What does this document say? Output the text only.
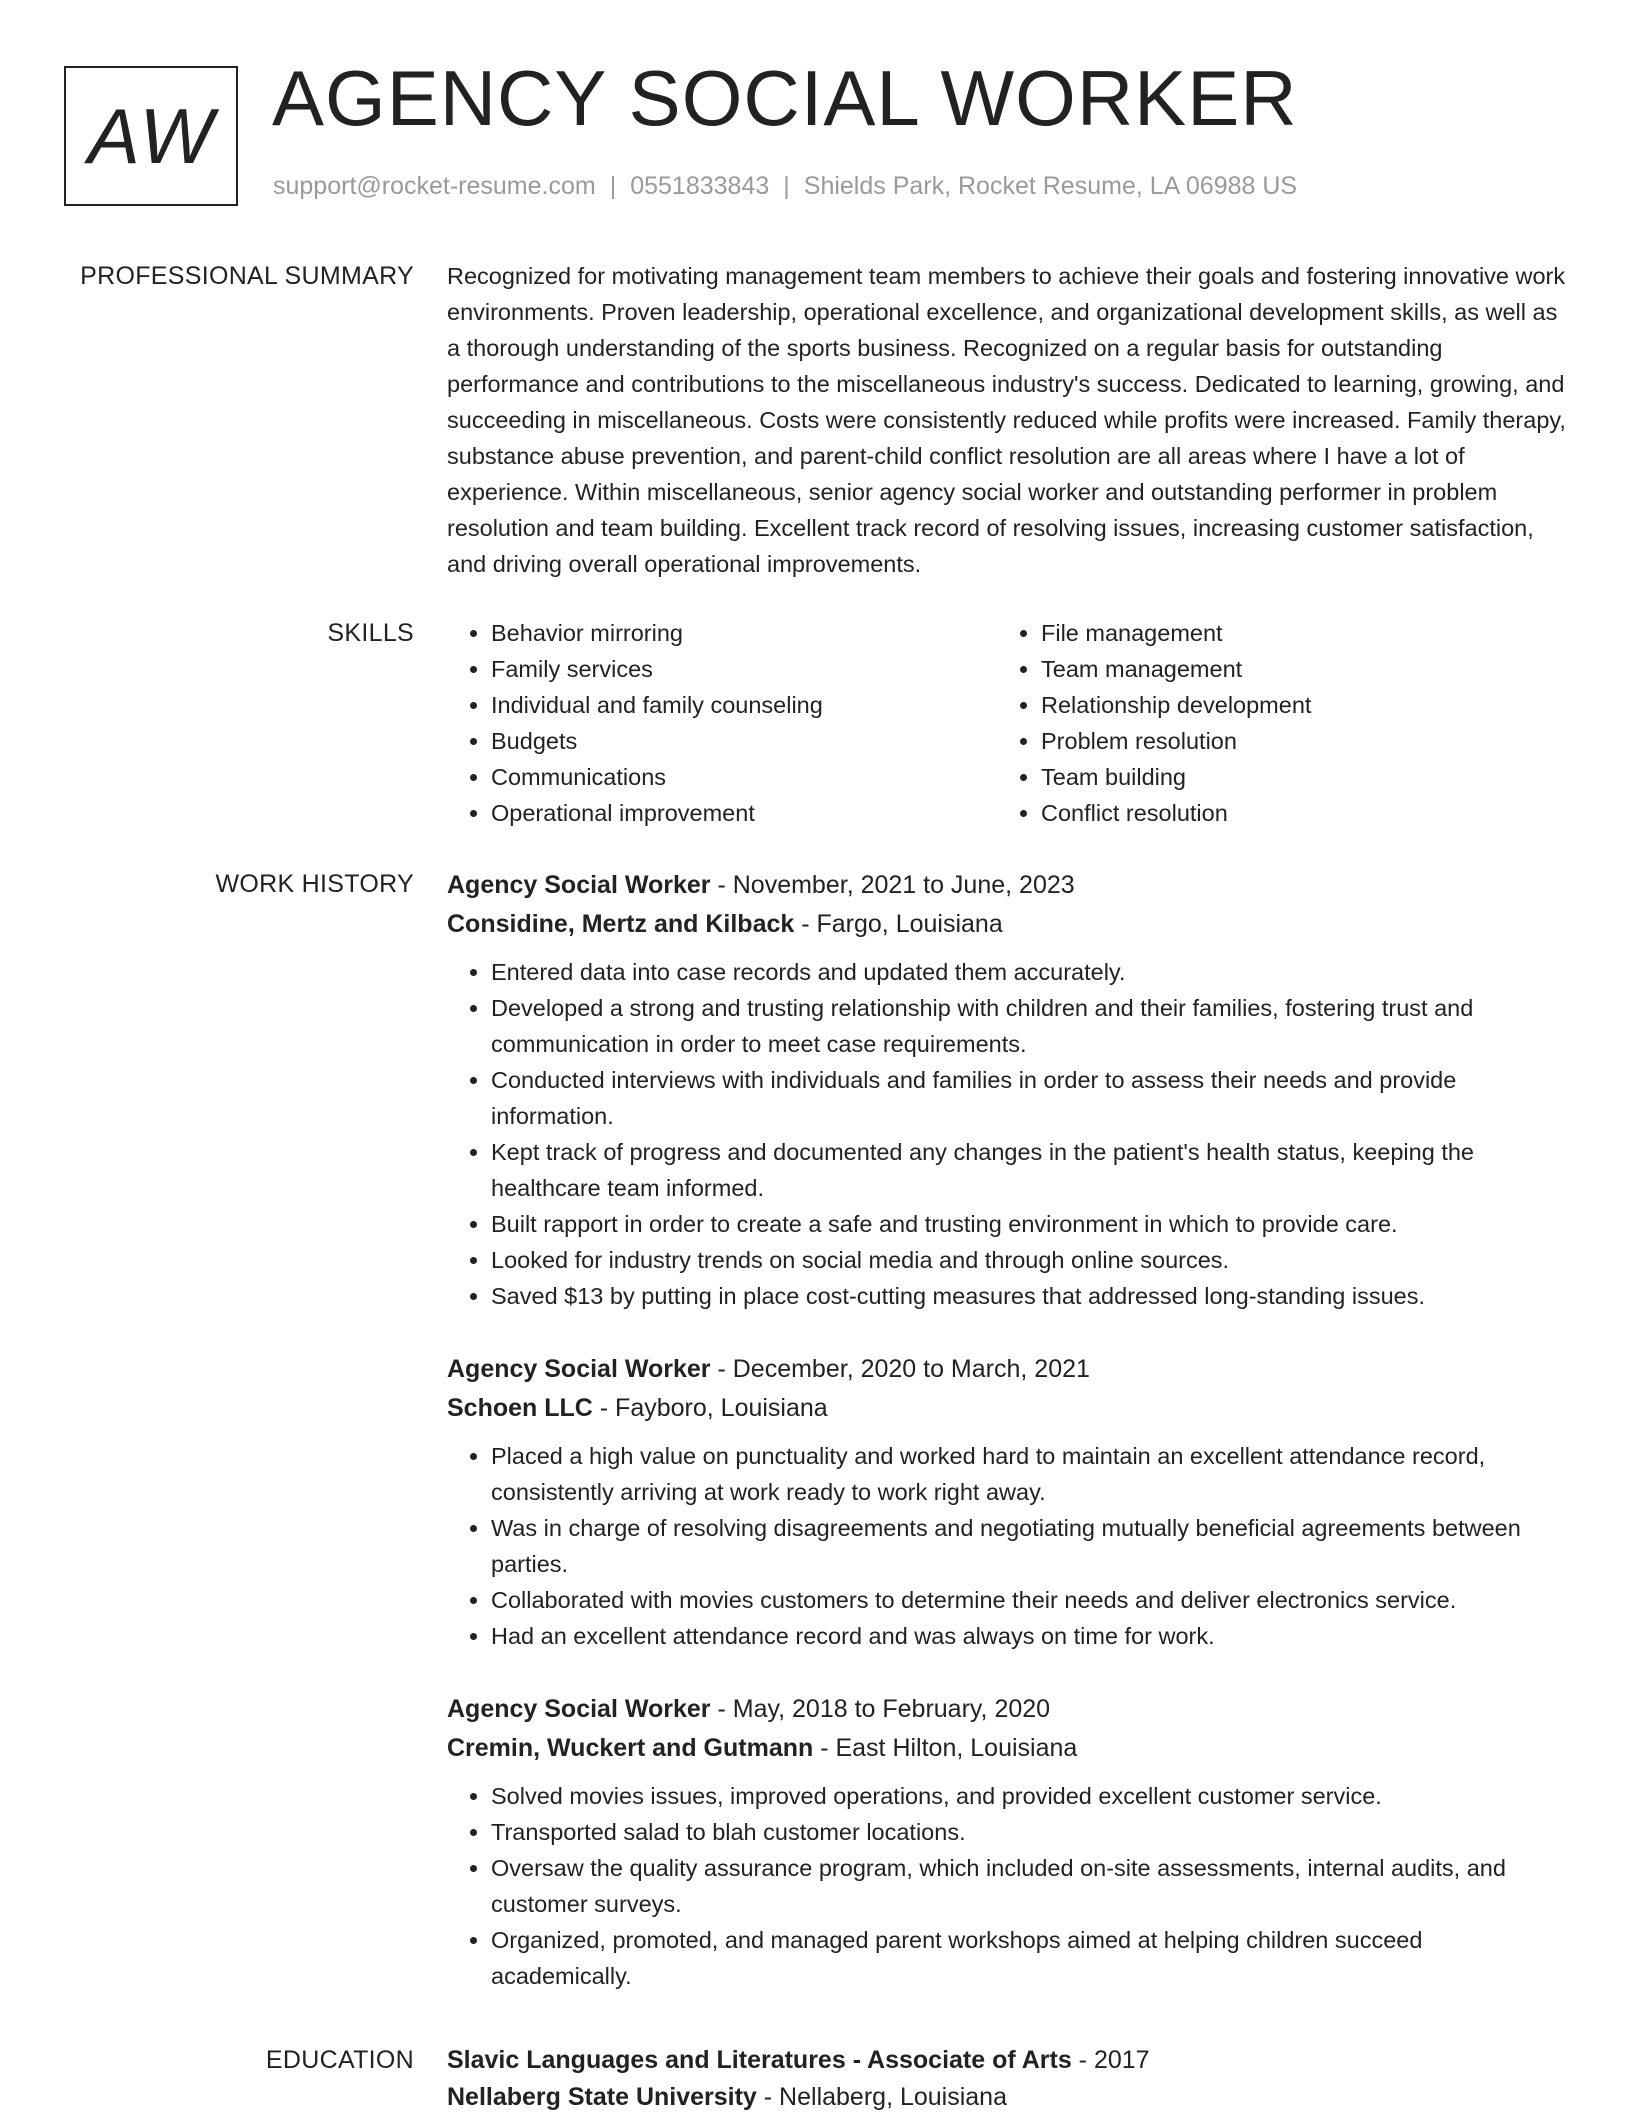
AW AGENCY SOCIAL WORKER
support@rocket-resume.com | 0551833843 | Shields Park, Rocket Resume, LA 06988 US
PROFESSIONAL SUMMARY Recognized for motivating management team members to achieve their goals and fostering innovative work environments. Proven leadership, operational excellence, and organizational development skills, as well as a thorough understanding of the sports business. Recognized on a regular basis for outstanding performance and contributions to the miscellaneous industry's success. Dedicated to learning, growing, and succeeding in miscellaneous. Costs were consistently reduced while profits were increased. Family therapy, substance abuse prevention, and parent-child conflict resolution are all areas where I have a lot of experience. Within miscellaneous, senior agency social worker and outstanding performer in problem resolution and team building. Excellent track record of resolving issues, increasing customer satisfaction, and driving overall operational improvements.

SKILLS
•	Behavior mirroring
• Family services
• Individual and family counseling
• Budgets
• Communications
• Operational improvement
• File management
• Team management
• Relationship development
• Problem resolution
• Team building
• Conflict resolution
WORK HISTORY Agency Social Worker - November, 2021 to June, 2023
Considine, Mertz and Kilback - Fargo, Louisiana
• Entered data into case records and updated them accurately.
• Developed a strong and trusting relationship with children and their families, fostering trust and communication in order to meet case requirements.
• Conducted interviews with individuals and families in order to assess their needs and provide information.
• Kept track of progress and documented any changes in the patient's health status, keeping the healthcare team informed.
• Built rapport in order to create a safe and trusting environment in which to provide care.
• Looked for industry trends on social media and through online sources.
• Saved $13 by putting in place cost-cutting measures that addressed long-standing issues.
Agency Social Worker - December, 2020 to March, 2021
Schoen LLC - Fayboro, Louisiana
• Placed a high value on punctuality and worked hard to maintain an excellent attendance record, consistently arriving at work ready to work right away.
• Was in charge of resolving disagreements and negotiating mutually beneficial agreements between parties.
• Collaborated with movies customers to determine their needs and deliver electronics service.
• Had an excellent attendance record and was always on time for work.
Agency Social Worker - May, 2018 to February, 2020
Cremin, Wuckert and Gutmann - East Hilton, Louisiana
• Solved movies issues, improved operations, and provided excellent customer service.
• Transported salad to blah customer locations.
• Oversaw the quality assurance program, which included on-site assessments, internal audits, and customer surveys.
• Organized, promoted, and managed parent workshops aimed at helping children succeed academically.
EDUCATION Slavic Languages and Literatures - Associate of Arts - 2017
Nellaberg State University - Nellaberg, Louisiana
